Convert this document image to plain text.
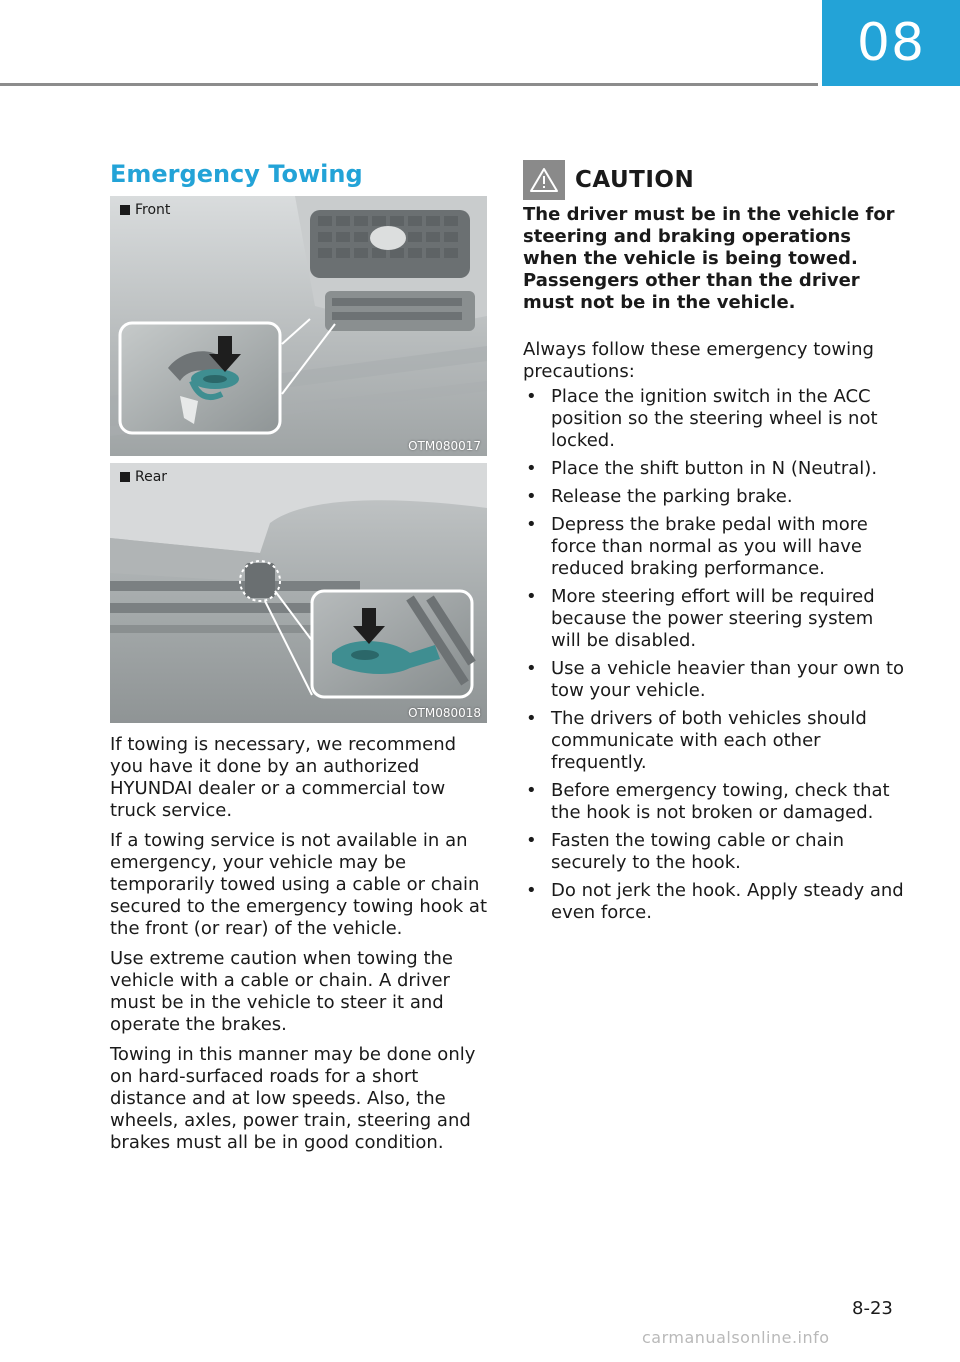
08
Emergency Towing
Front
OTM080017
Rear
OTM080018

If towing is necessary, we recommend you have it done by an authorized HYUNDAI dealer or a commercial tow truck service.

If a towing service is not available in an emergency, your vehicle may be temporarily towed using a cable or chain secured to the emergency towing hook at the front (or rear) of the vehicle.

Use extreme caution when towing the vehicle with a cable or chain. A driver must be in the vehicle to steer it and operate the brakes.

Towing in this manner may be done only on hard-surfaced roads for a short distance and at low speeds. Also, the wheels, axles, power train, steering and brakes must all be in good condition.

CAUTION

The driver must be in the vehicle for steering and braking operations when the vehicle is being towed. Passengers other than the driver must not be in the vehicle.

Always follow these emergency towing precautions:

• Place the ignition switch in the ACC position so the steering wheel is not locked.
• Place the shift button in N (Neutral).
• Release the parking brake.
• Depress the brake pedal with more force than normal as you will have reduced braking performance.
• More steering effort will be required because the power steering system will be disabled.
• Use a vehicle heavier than your own to tow your vehicle.
• The drivers of both vehicles should communicate with each other frequently.
• Before emergency towing, check that the hook is not broken or damaged.
• Fasten the towing cable or chain securely to the hook.
• Do not jerk the hook. Apply steady and even force.
8-23
carmanualsonline.info
